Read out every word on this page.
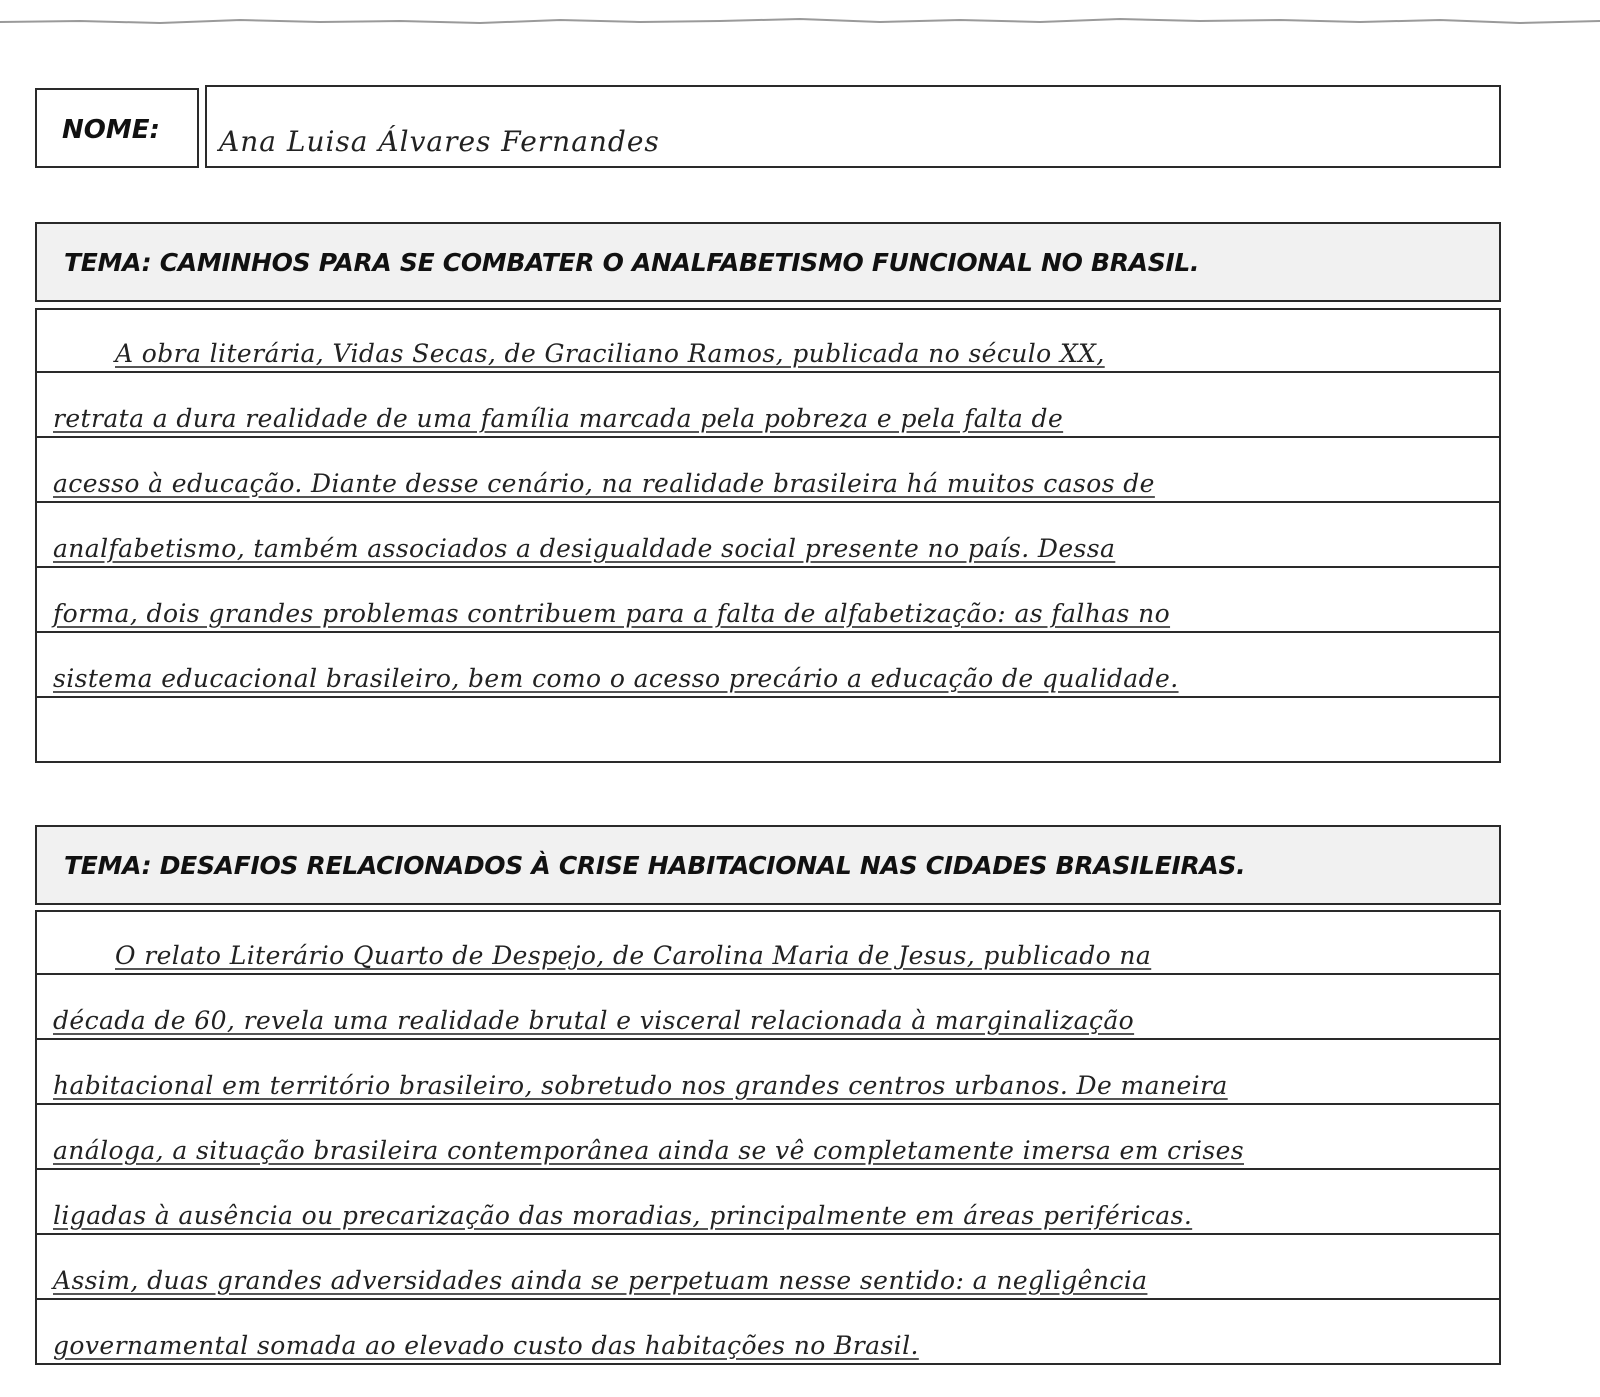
NOME: Ana Luisa Álvares Fernandes
TEMA: CAMINHOS PARA SE COMBATER O ANALFABETISMO FUNCIONAL NO BRASIL.
A obra literária, Vidas Secas, de Graciliano Ramos, publicada no século XX,
retrata a dura realidade de uma família marcada pela pobreza e pela falta de
acesso à educação. Diante desse cenário, na realidade brasileira há muitos casos de
analfabetismo, também associados a desigualdade social presente no país. Dessa
forma, dois grandes problemas contribuem para a falta de alfabetização: as falhas no
sistema educacional brasileiro, bem como o acesso precário a educação de qualidade.
TEMA: DESAFIOS RELACIONADOS À CRISE HABITACIONAL NAS CIDADES BRASILEIRAS.
O relato Literário Quarto de Despejo, de Carolina Maria de Jesus, publicado na
década de 60, revela uma realidade brutal e visceral relacionada à marginalização
habitacional em território brasileiro, sobretudo nos grandes centros urbanos. De maneira
análoga, a situação brasileira contemporânea ainda se vê completamente imersa em crises
ligadas à ausência ou precarização das moradias, principalmente em áreas periféricas.
Assim, duas grandes adversidades ainda se perpetuam nesse sentido: a negligência
governamental somada ao elevado custo das habitações no Brasil.
